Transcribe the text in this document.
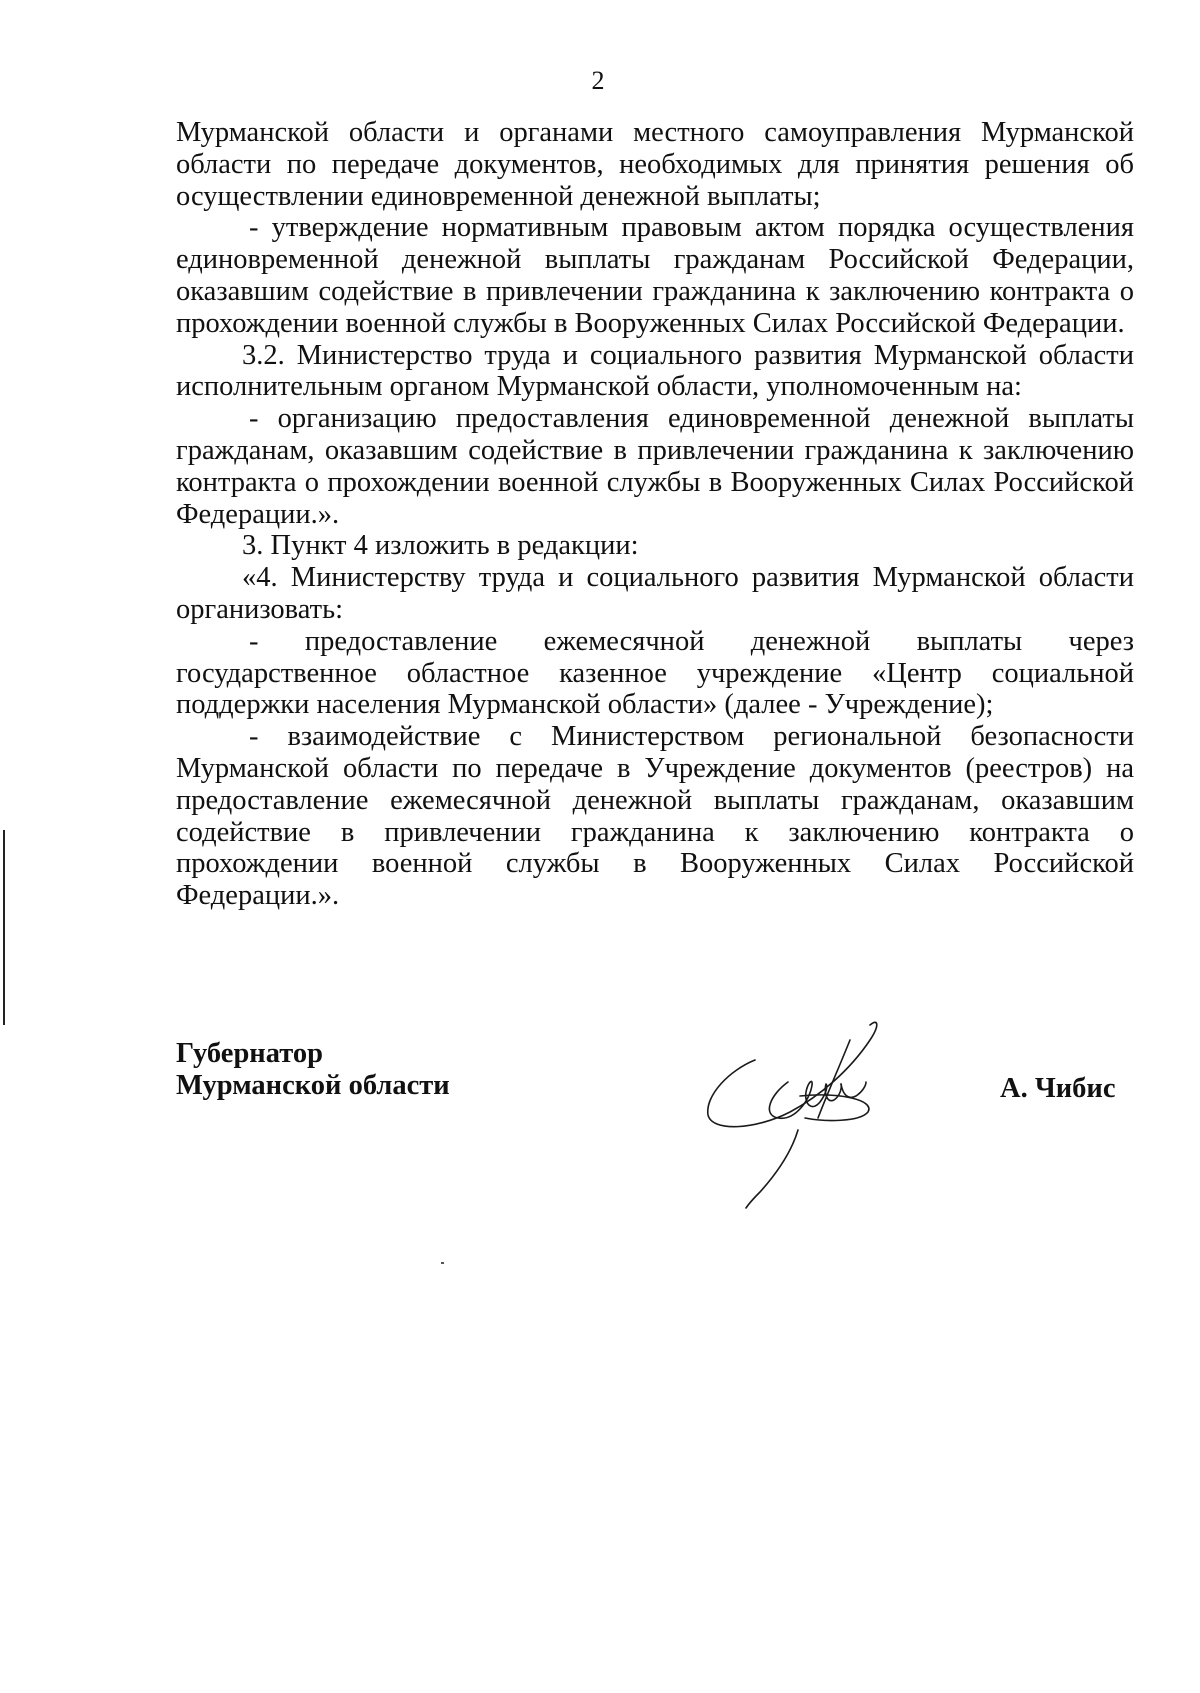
2

Мурманской области и органами местного самоуправления Мурманской области по передаче документов, необходимых для принятия решения об осуществлении единовременной денежной выплаты;

- утверждение нормативным правовым актом порядка осуществления единовременной денежной выплаты гражданам Российской Федерации, оказавшим содействие в привлечении гражданина к заключению контракта о прохождении военной службы в Вооруженных Силах Российской Федерации.

3.2. Министерство труда и социального развития Мурманской области исполнительным органом Мурманской области, уполномоченным на:

- организацию предоставления единовременной денежной выплаты гражданам, оказавшим содействие в привлечении гражданина к заключению контракта о прохождении военной службы в Вооруженных Силах Российской Федерации.».

3. Пункт 4 изложить в редакции:

«4. Министерству труда и социального развития Мурманской области организовать:

- предоставление ежемесячной денежной выплаты через государственное областное казенное учреждение «Центр социальной поддержки населения Мурманской области» (далее - Учреждение);

- взаимодействие с Министерством региональной безопасности Мурманской области по передаче в Учреждение документов (реестров) на предоставление ежемесячной денежной выплаты гражданам, оказавшим содействие в привлечении гражданина к заключению контракта о прохождении военной службы в Вооруженных Силах Российской Федерации.».

Губернатор
Мурманской области	А. Чибис
